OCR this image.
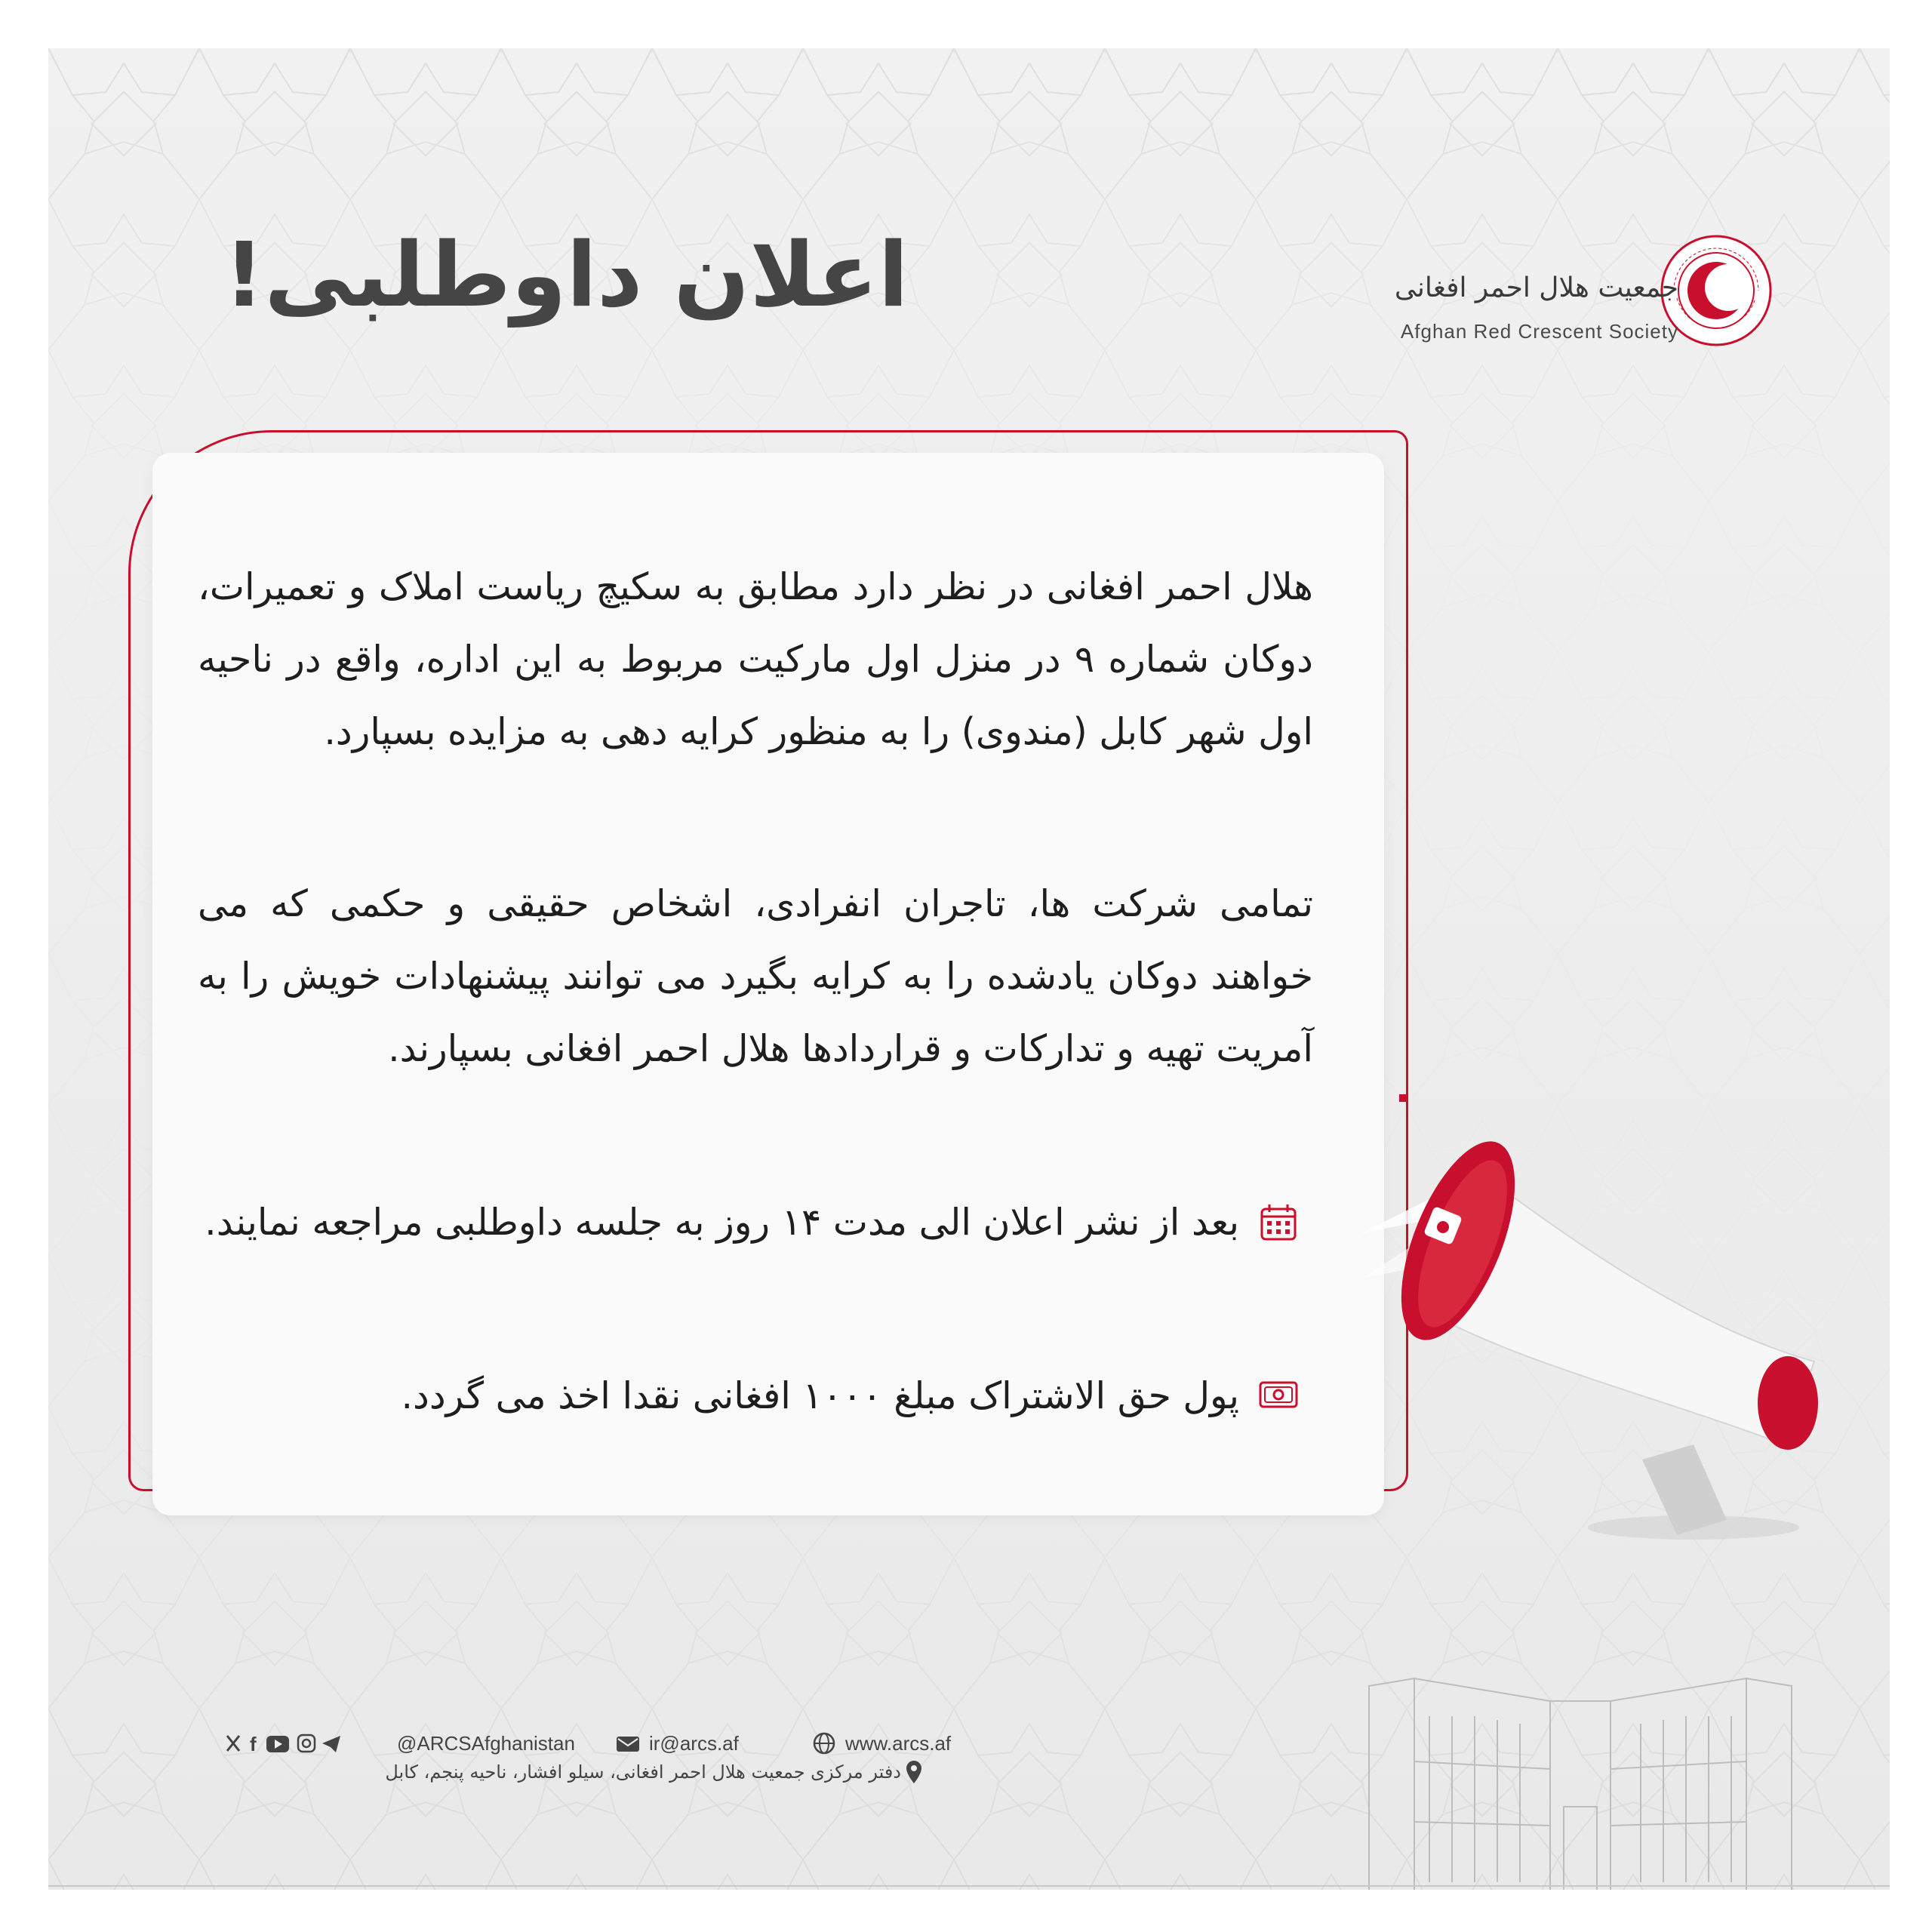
اعلان داوطلبی!	جمعیت هلال احمر افغانی
Afghan Red Crescent Society
هلال احمر افغانی در نظر دارد مطابق به سکیچ ریاست املاک و تعمیرات، دوکان شماره ۹ در منزل اول مارکیت مربوط به این اداره، واقع در ناحیه اول شهر کابل (مندوی) را به منظور کرایه دهی به مزایده بسپارد.
تمامی شرکت ها، تاجران انفرادی، اشخاص حقیقی و حکمی که می خواهند دوکان یادشده را به کرایه بگیرد می توانند پیشنهادات خویش را به آمریت تهیه و تدارکات و قراردادها هلال احمر افغانی بسپارند.
بعد از نشر اعلان الی مدت ۱۴ روز به جلسه داوطلبی مراجعه نمایند.
پول حق الاشتراک مبلغ ۱۰۰۰ افغانی نقدا اخذ می گردد.
f	@ARCSAfghanistan	ir@arcs.af	www.arcs.af
دفتر مرکزی جمعیت هلال احمر افغانی، سیلو افشار، ناحیه پنجم، کابل
